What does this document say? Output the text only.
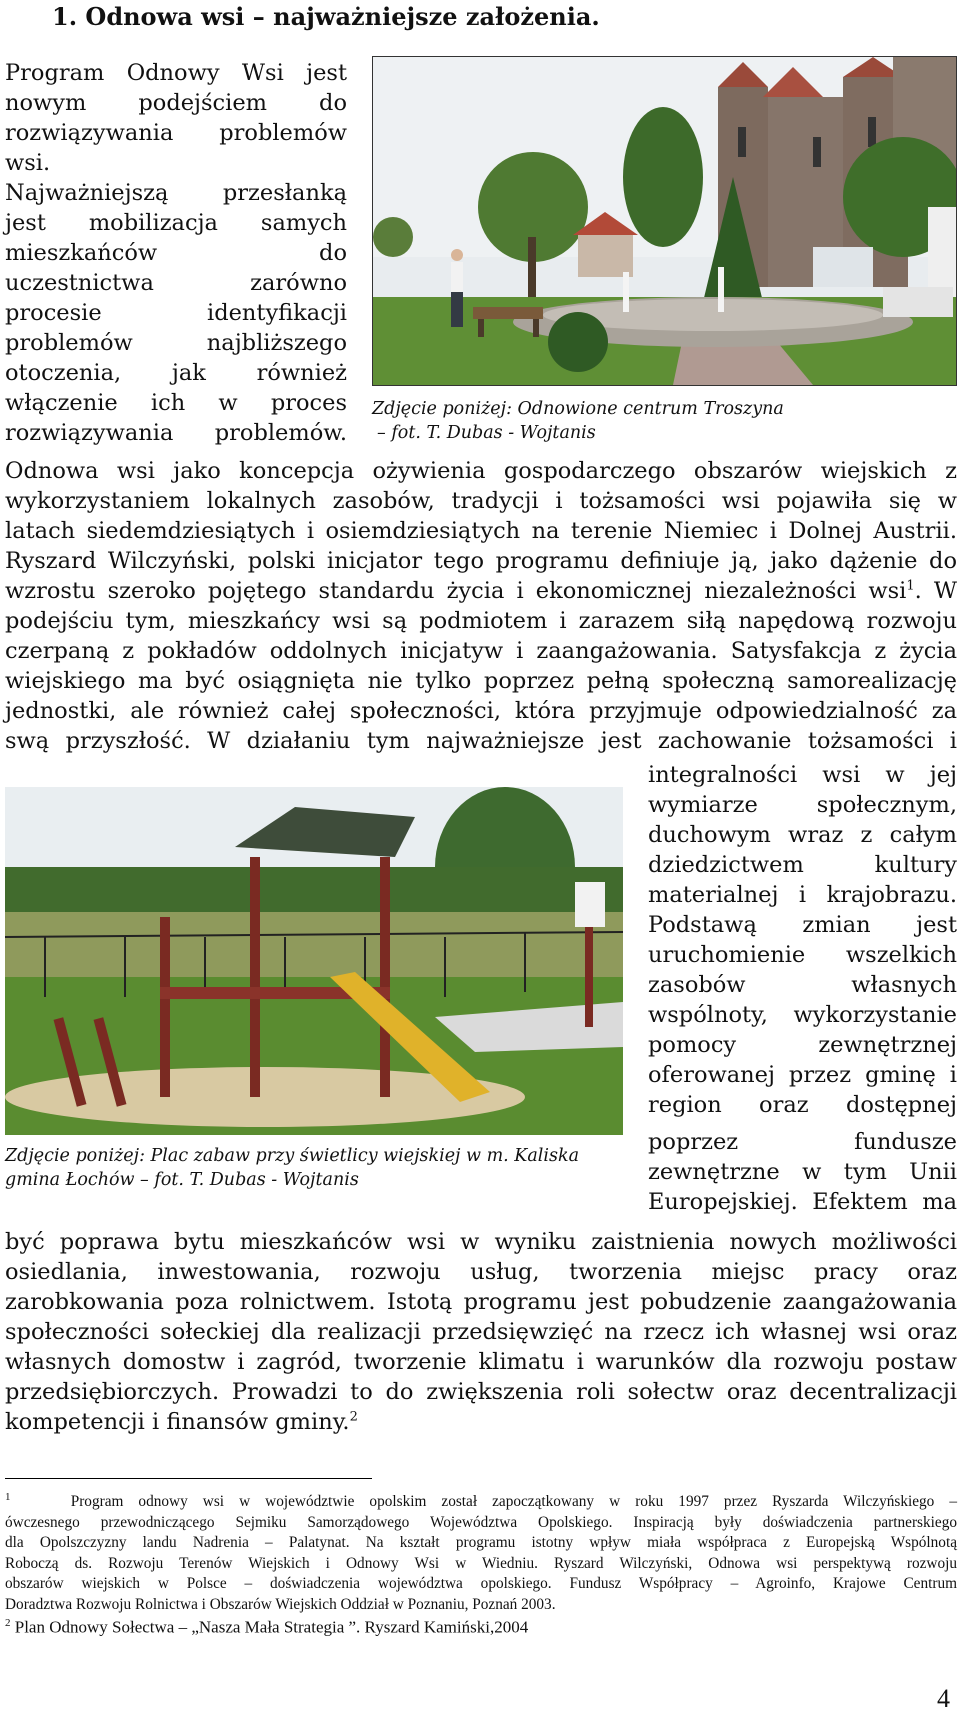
1. Odnowa wsi – najważniejsze założenia.
Program Odnowy Wsi jest
nowym podejściem do
rozwiązywania problemów
wsi.
Najważniejszą przesłanką
jest mobilizacja samych
mieszkańców do
uczestnictwa zarówno
procesie identyfikacji
problemów najbliższego
otoczenia, jak również
włączenie ich w proces
rozwiązywania problemów.
Zdjęcie poniżej: Odnowione centrum Troszyna
– fot. T. Dubas - Wojtanis
Odnowa wsi jako koncepcja ożywienia gospodarczego obszarów wiejskich z
wykorzystaniem lokalnych zasobów, tradycji i tożsamości wsi pojawiła się w
latach siedemdziesiątych i osiemdziesiątych na terenie Niemiec i Dolnej Austrii.
Ryszard Wilczyński, polski inicjator tego programu definiuje ją, jako dążenie do
wzrostu szeroko pojętego standardu życia i ekonomicznej niezależności wsi$^1$. W
podejściu tym, mieszkańcy wsi są podmiotem i zarazem siłą napędową rozwoju
czerpaną z pokładów oddolnych inicjatyw i zaangażowania. Satysfakcja z życia
wiejskiego ma być osiągnięta nie tylko poprzez pełną społeczną samorealizację
jednostki, ale również całej społeczności, która przyjmuje odpowiedzialność za
swą przyszłość. W działaniu tym najważniejsze jest zachowanie tożsamości i
Zdjęcie poniżej: Plac zabaw przy świetlicy wiejskiej w m. Kaliska
gmina Łochów – fot. T. Dubas - Wojtanis
integralności wsi w jej
wymiarze społecznym,
duchowym wraz z całym
dziedzictwem kultury
materialnej i krajobrazu.
Podstawą zmian jest
uruchomienie wszelkich
zasobów własnych
wspólnoty, wykorzystanie
pomocy zewnętrznej
oferowanej przez gminę i
region oraz dostępnej
poprzez fundusze
zewnętrzne w tym Unii
Europejskiej. Efektem ma
być poprawa bytu mieszkańców wsi w wyniku zaistnienia nowych możliwości
osiedlania, inwestowania, rozwoju usług, tworzenia miejsc pracy oraz
zarobkowania poza rolnictwem. Istotą programu jest pobudzenie zaangażowania
społeczności sołeckiej dla realizacji przedsięwzięć na rzecz ich własnej wsi oraz
własnych domostw i zagród, tworzenie klimatu i warunków dla rozwoju postaw
przedsiębiorczych. Prowadzi to do zwiększenia roli sołectw oraz decentralizacji
kompetencji i finansów gminy.$^2$
$^1$	Program odnowy wsi w województwie opolskim został zapoczątkowany w roku 1997 przez Ryszarda Wilczyńskiego –
ówczesnego przewodniczącego Sejmiku Samorządowego Województwa Opolskiego. Inspiracją były doświadczenia partnerskiego
dla Opolszczyzny landu Nadrenia – Palatynat. Na kształt programu istotny wpływ miała współpraca z Europejską Wspólnotą
Roboczą ds. Rozwoju Terenów Wiejskich i Odnowy Wsi w Wiedniu. Ryszard Wilczyński, Odnowa wsi perspektywą rozwoju
obszarów wiejskich w Polsce – doświadczenia województwa opolskiego. Fundusz Współpracy – Agroinfo, Krajowe Centrum
Doradztwa Rozwoju Rolnictwa i Obszarów Wiejskich Oddział w Poznaniu, Poznań 2003.
$^2$ Plan Odnowy Sołectwa – „Nasza Mała Strategia ”. Ryszard Kamiński,2004
4
